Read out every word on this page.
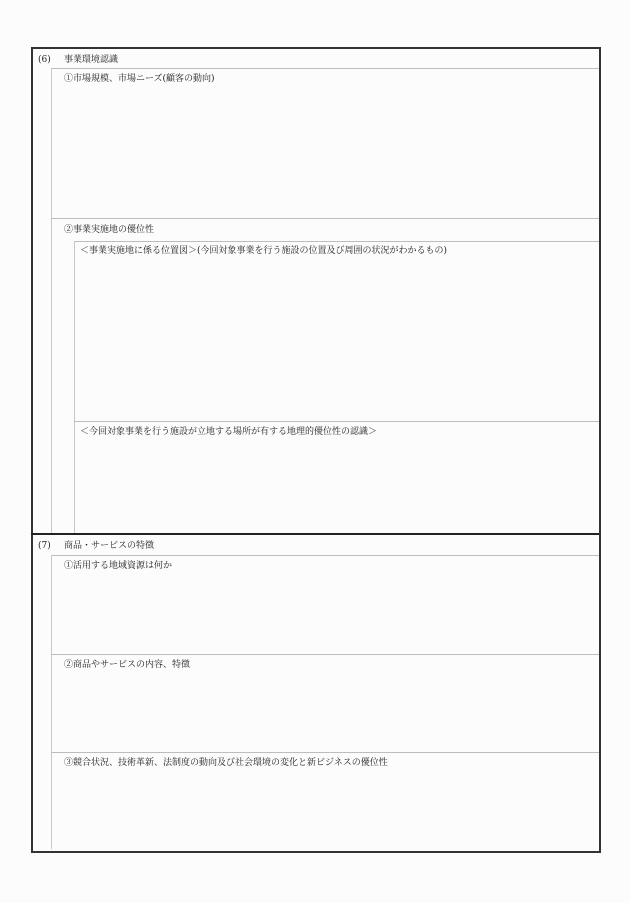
(6) 事業環境認識
①市場規模、市場ニーズ(顧客の動向)
②事業実施地の優位性
＜事業実施地に係る位置図＞(今回対象事業を行う施設の位置及び周囲の状況がわかるもの)
＜今回対象事業を行う施設が立地する場所が有する地理的優位性の認識＞
(7) 商品・サービスの特徴
①活用する地域資源は何か
②商品やサービスの内容、特徴
③競合状況、技術革新、法制度の動向及び社会環境の変化と新ビジネスの優位性
